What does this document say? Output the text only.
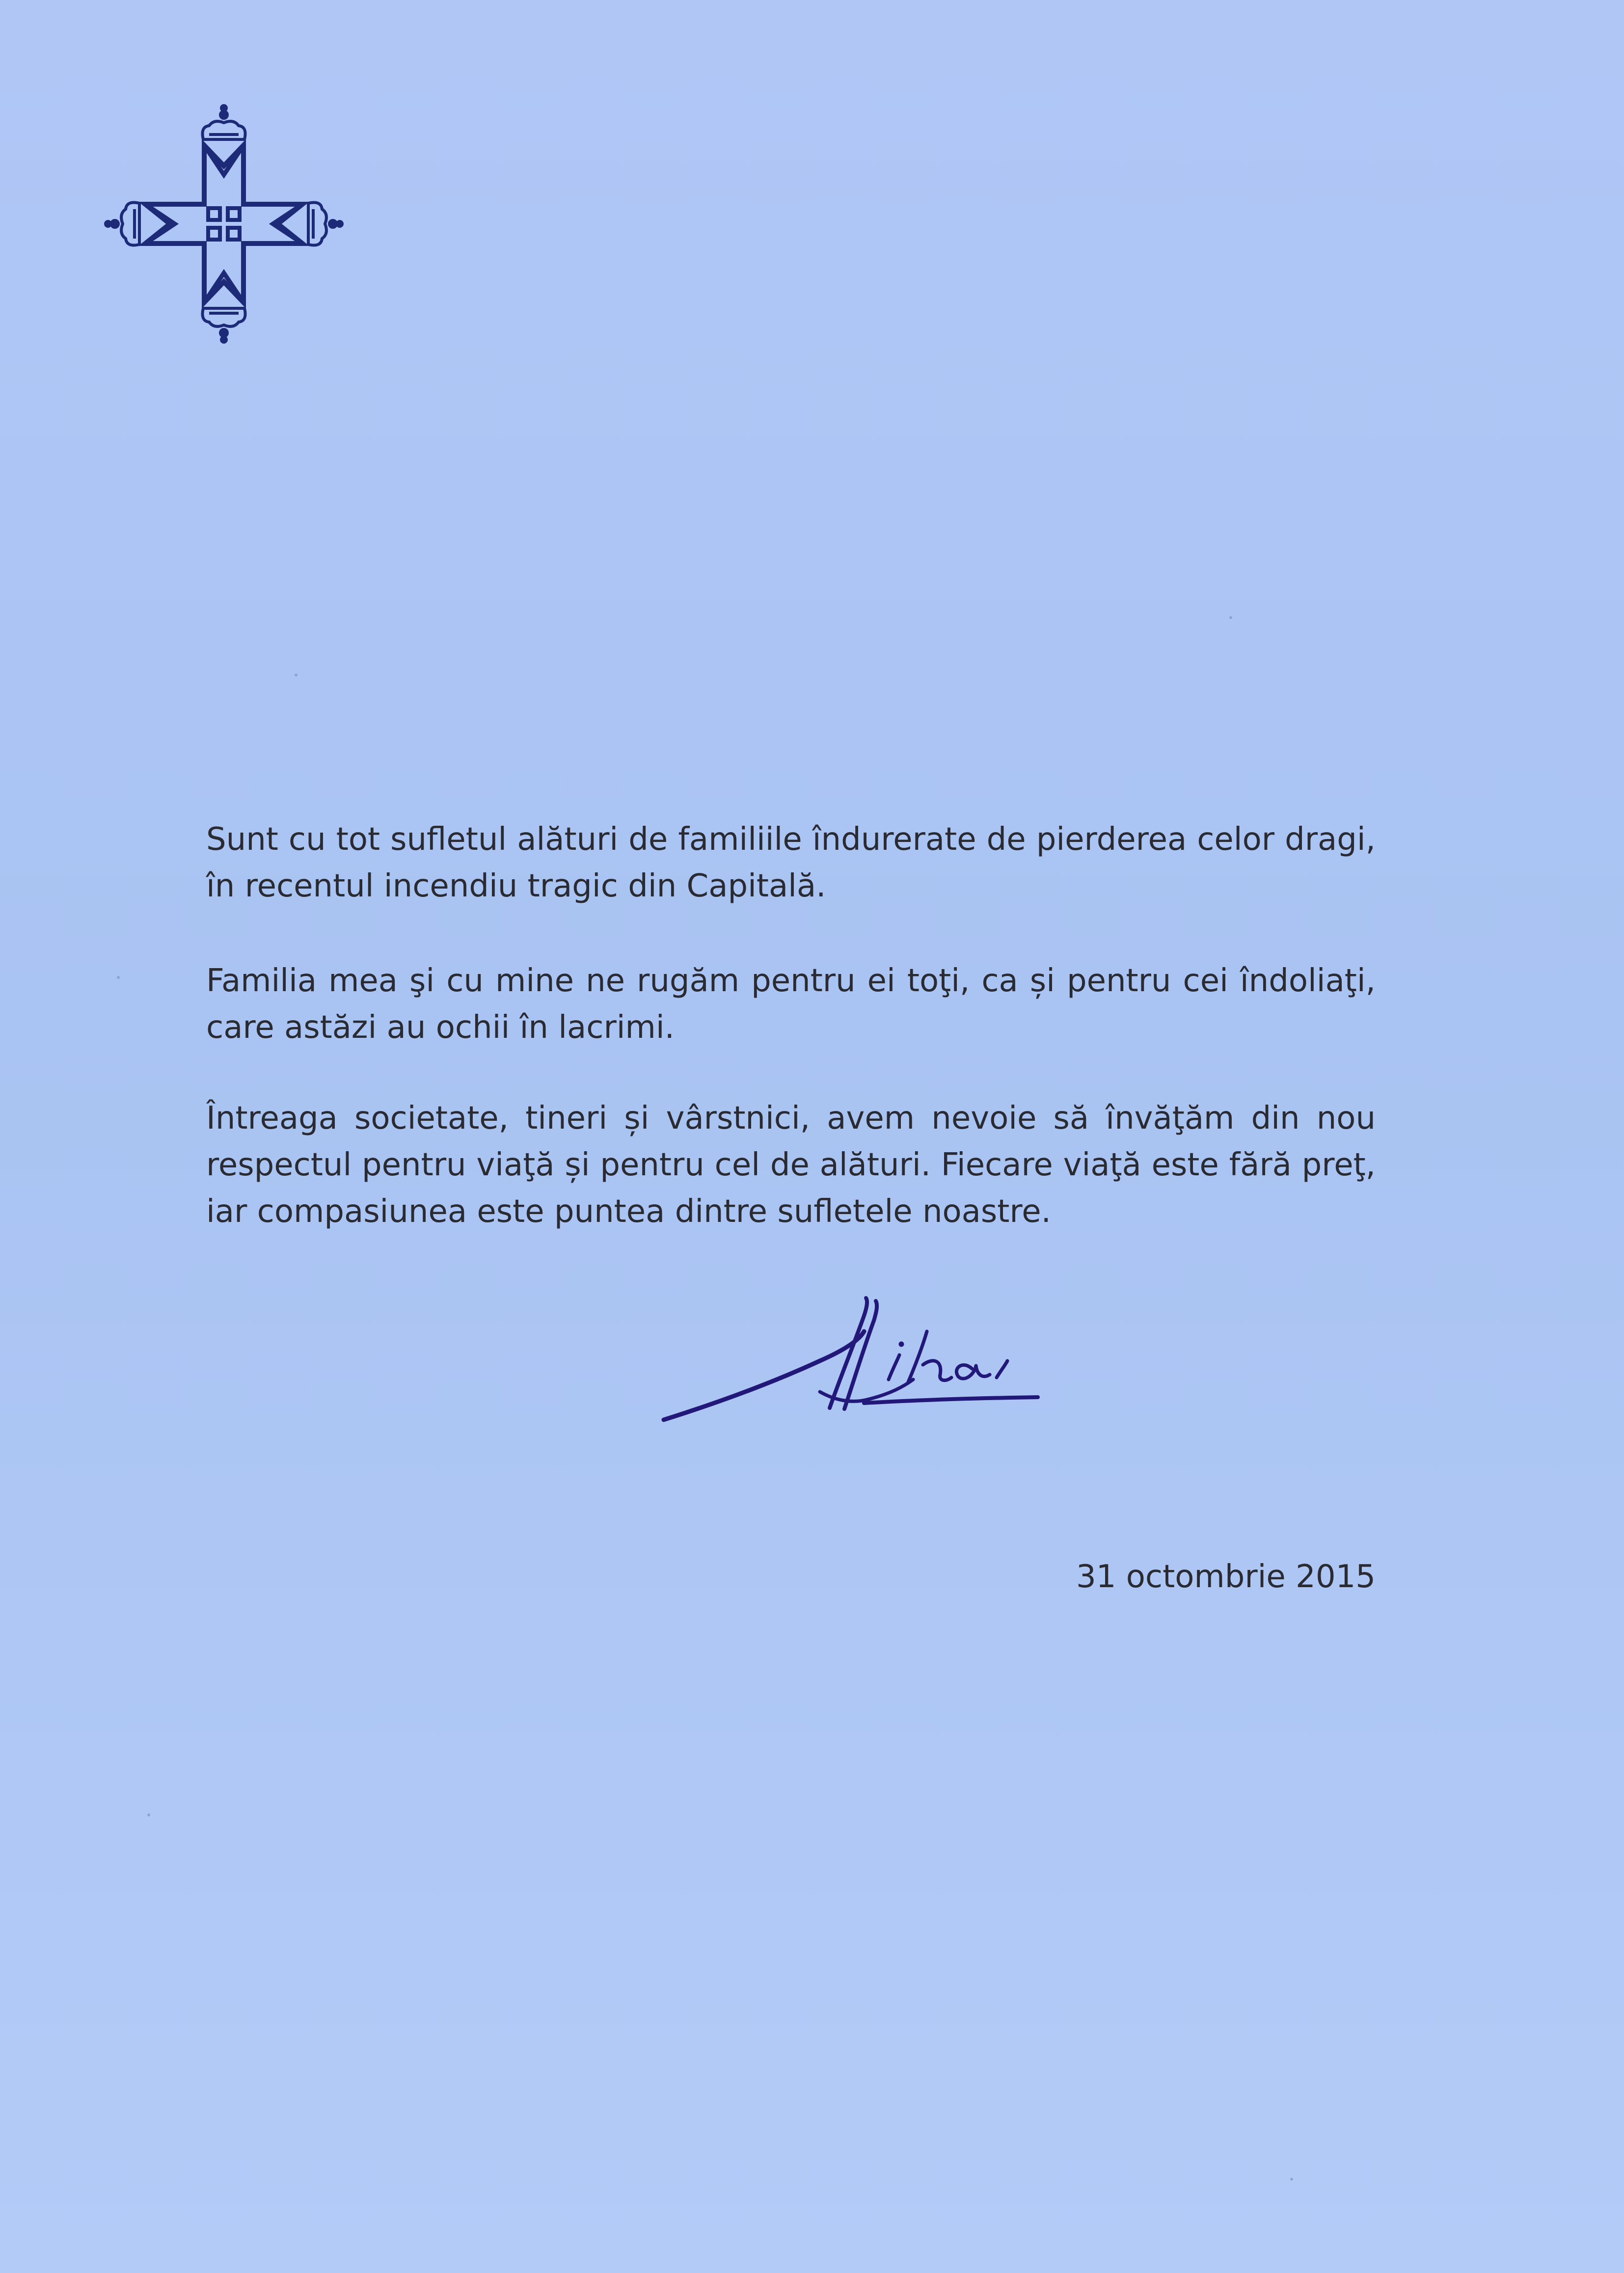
Sunt cu tot sufletul alături de familiile îndurerate de pierderea celor dragi, în recentul incendiu tragic din Capitală.

Familia mea şi cu mine ne rugăm pentru ei toţi, ca și pentru cei îndoliaţi, care astăzi au ochii în lacrimi.

Întreaga societate, tineri și vârstnici, avem nevoie să învăţăm din nou respectul pentru viaţă și pentru cel de alături. Fiecare viaţă este fără preţ, iar compasiunea este puntea dintre sufletele noastre.

31 octombrie 2015
